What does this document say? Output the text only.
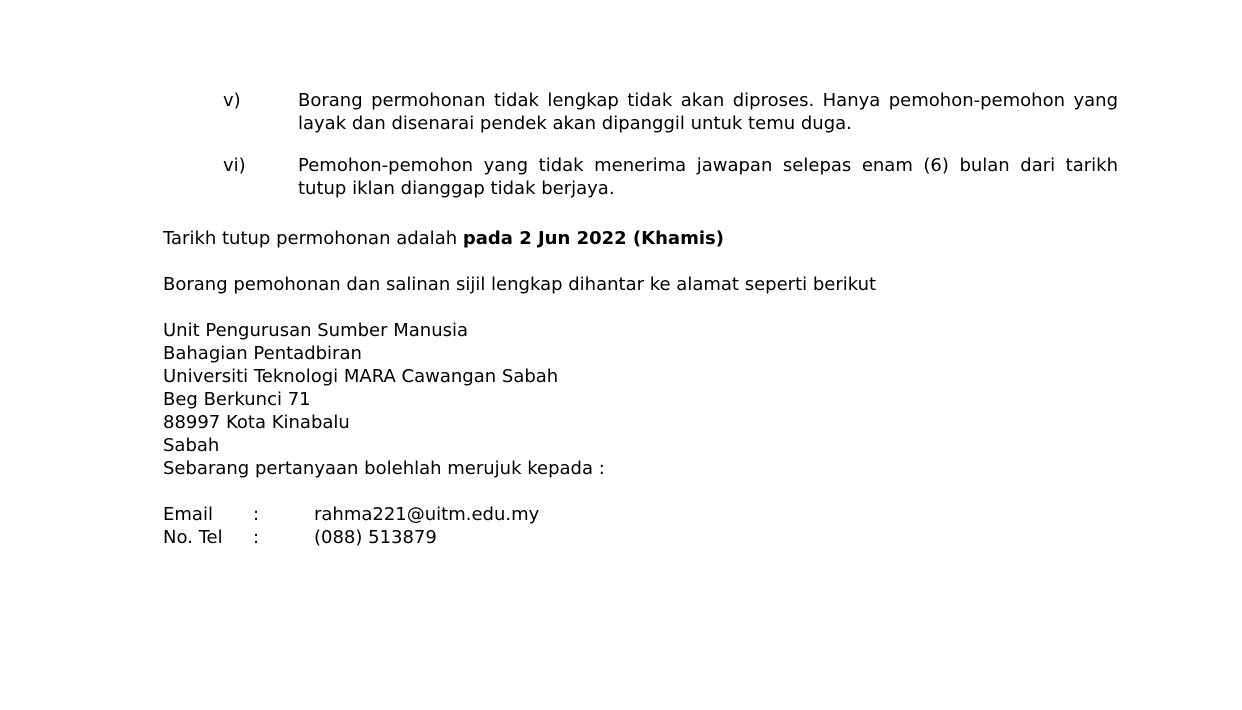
v)	Borang permohonan tidak lengkap tidak akan diproses. Hanya pemohon-pemohon yang layak dan disenarai pendek akan dipanggil untuk temu duga.
vi)	Pemohon-pemohon yang tidak menerima jawapan selepas enam (6) bulan dari tarikh tutup iklan dianggap tidak berjaya.
Tarikh tutup permohonan adalah pada 2 Jun 2022 (Khamis)
Borang pemohonan dan salinan sijil lengkap dihantar ke alamat seperti berikut
Unit Pengurusan Sumber Manusia
Bahagian Pentadbiran
Universiti Teknologi MARA Cawangan Sabah
Beg Berkunci 71
88997 Kota Kinabalu
Sabah
Sebarang pertanyaan bolehlah merujuk kepada :
Email :	rahma221@uitm.edu.my
No. Tel :	(088) 513879
